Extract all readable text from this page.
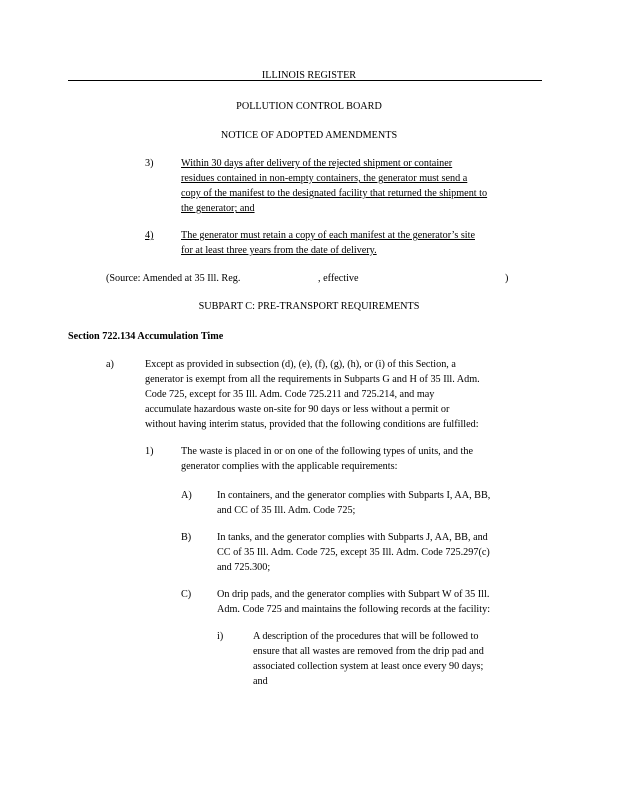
ILLINOIS REGISTER
POLLUTION CONTROL BOARD
NOTICE OF ADOPTED AMENDMENTS
3)	Within 30 days after delivery of the rejected shipment or container
residues contained in non-empty containers, the generator must send a
copy of the manifest to the designated facility that returned the shipment to
the generator; and
4)	The generator must retain a copy of each manifest at the generator’s site
for at least three years from the date of delivery.
(Source: Amended at 35 Ill. Reg.	, effective	)
SUBPART C: PRE-TRANSPORT REQUIREMENTS
Section 722.134 Accumulation Time
a)	Except as provided in subsection (d), (e), (f), (g), (h), or (i) of this Section, a
generator is exempt from all the requirements in Subparts G and H of 35 Ill. Adm.
Code 725, except for 35 Ill. Adm. Code 725.211 and 725.214, and may
accumulate hazardous waste on-site for 90 days or less without a permit or
without having interim status, provided that the following conditions are fulfilled:
1)	The waste is placed in or on one of the following types of units, and the
generator complies with the applicable requirements:
A) In containers, and the generator complies with Subparts I, AA, BB,
and CC of 35 Ill. Adm. Code 725;
B)	In tanks, and the generator complies with Subparts J, AA, BB, and
CC of 35 Ill. Adm. Code 725, except 35 Ill. Adm. Code 725.297(c)
and 725.300;
C)	On drip pads, and the generator complies with Subpart W of 35 Ill.
Adm. Code 725 and maintains the following records at the facility:
i)	A description of the procedures that will be followed to
ensure that all wastes are removed from the drip pad and
associated collection system at least once every 90 days;
and
